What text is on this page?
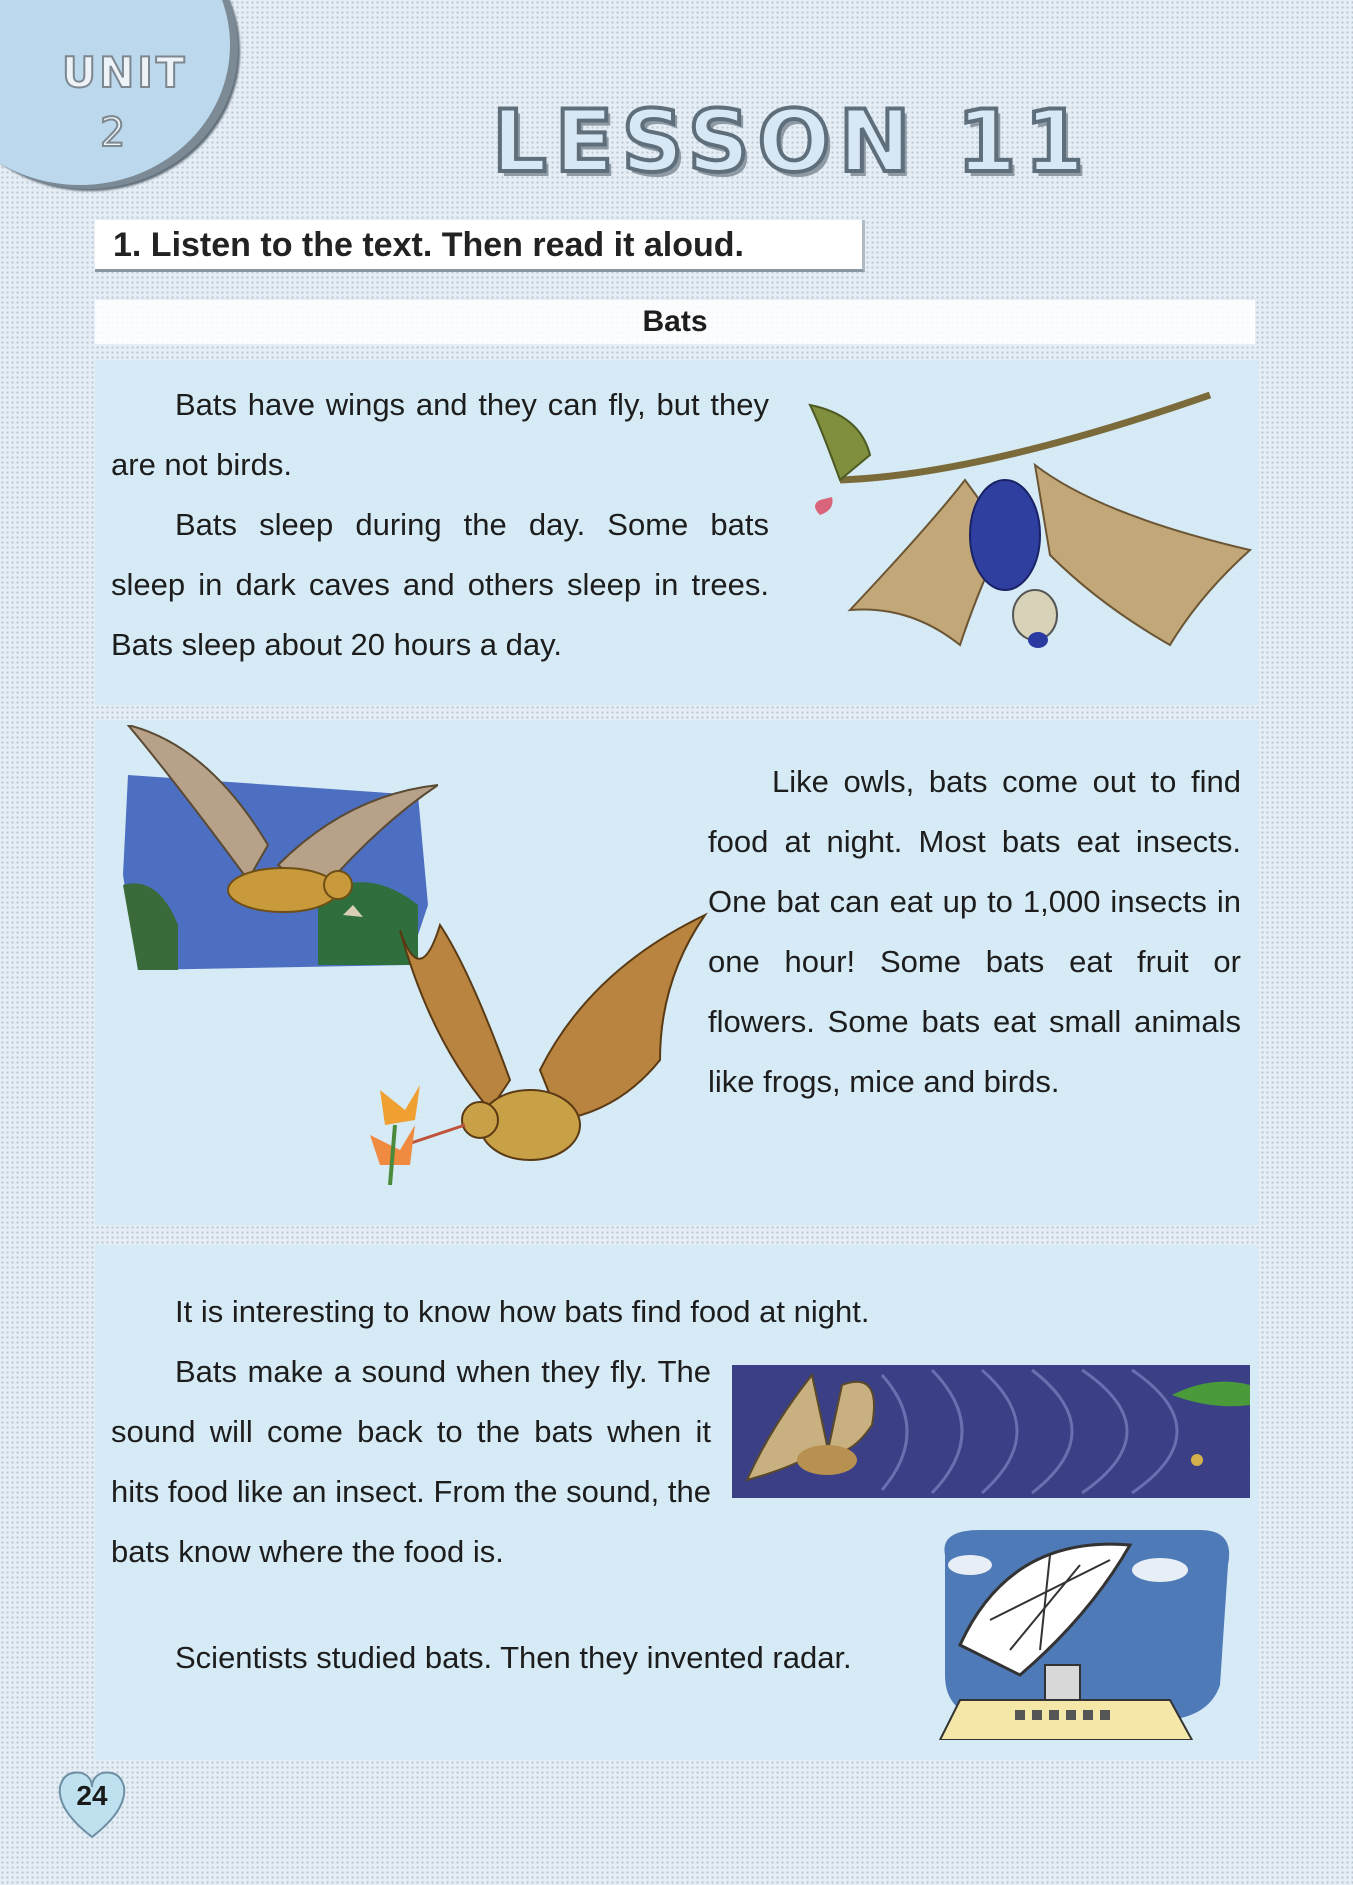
UNIT
2	LESSON 11
1. Listen to the text. Then read it aloud.
Bats

Bats have wings and they can fly, but they are not birds.

Bats sleep during the day. Some bats sleep in dark caves and others sleep in trees. Bats sleep about 20 hours a day.

Like owls, bats come out to find food at night. Most bats eat insects. One bat can eat up to 1,000 insects in one hour! Some bats eat fruit or flowers. Some bats eat small animals like frogs, mice and birds.

It is interesting to know how bats find food at night.

Bats make a sound when they fly. The sound will come back to the bats when it hits food like an insect. From the sound, the bats know where the food is.

Scientists studied bats. Then they invented radar.

24
